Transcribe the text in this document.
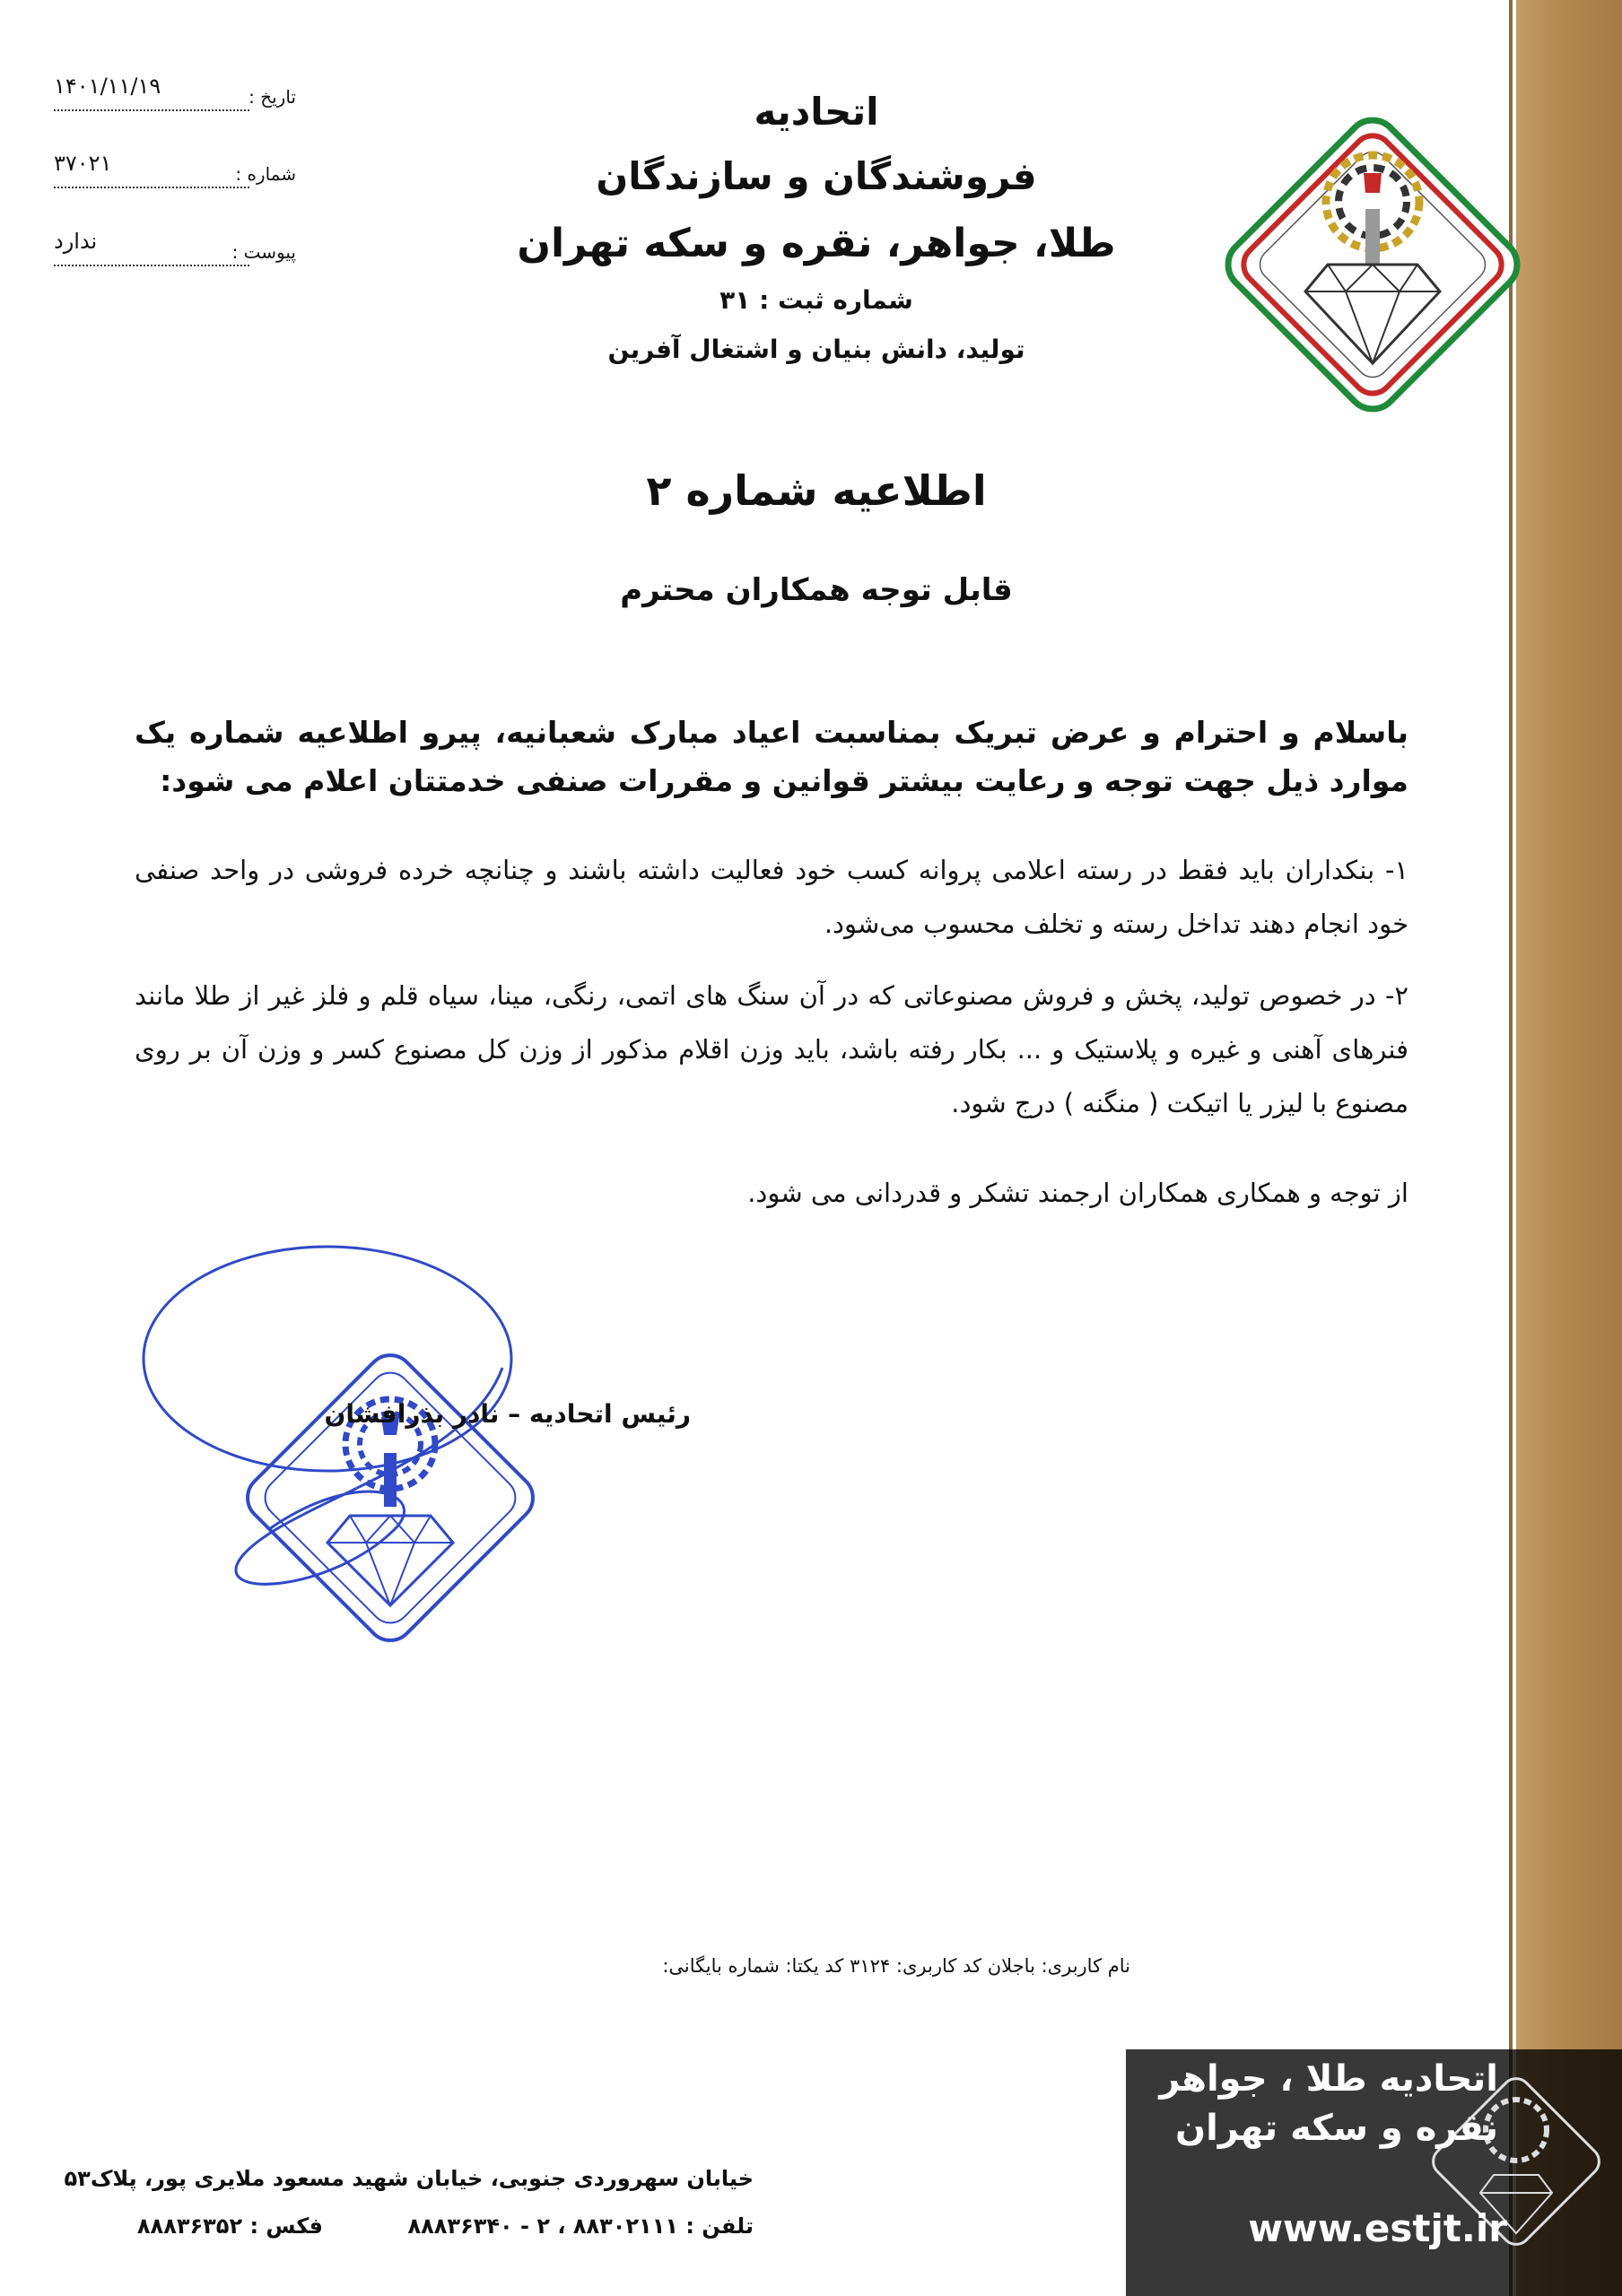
۱۴۰۱/۱۱/۱۹	تاریخ :
۳۷۰۲۱	شماره :
ندارد	پیوست :
اتحادیه
فروشندگان و سازندگان
طلا، جواهر، نقره و سکه تهران
شماره ثبت : ۳۱
تولید، دانش بنیان و اشتغال آفرین
اطلاعیه شماره ۲
قابل توجه همکاران محترم
باسلام و احترام و عرض تبریک بمناسبت اعیاد مبارک شعبانیه، پیرو اطلاعیه شماره یک موارد ذیل جهت توجه و رعایت بیشتر قوانین و مقررات صنفی خدمتتان اعلام می شود:
۱- بنکداران باید فقط در رسته اعلامی پروانه کسب خود فعالیت داشته باشند و چنانچه خرده فروشی در واحد صنفی خود انجام دهند تداخل رسته و تخلف محسوب می‌شود.
۲- در خصوص تولید، پخش و فروش مصنوعاتی که در آن سنگ های اتمی، رنگی، مینا، سیاه قلم و فلز غیر از طلا مانند فنرهای آهنی و غیره و پلاستیک و ... بکار رفته باشد، باید وزن اقلام مذکور از وزن کل مصنوع کسر و وزن آن بر روی مصنوع با لیزر یا اتیکت ( منگنه ) درج شود.
از توجه و همکاری همکاران ارجمند تشکر و قدردانی می شود.
رئیس اتحادیه – نادر بذرافشان
نام کاربری: باجلان کد کاربری: ۳۱۲۴ کد یکتا: شماره بایگانی:
خیابان سهروردی جنوبی، خیابان شهید مسعود ملایری پور، پلاک۵۳
تلفن : ۸۸۳۰۲۱۱۱ ، ۲ - ۸۸۸۳۶۳۴۰
فکس : ۸۸۸۳۶۳۵۲
اتحادیه طلا ، جواهر
نقره و سکه تهران
www.estjt.ir
